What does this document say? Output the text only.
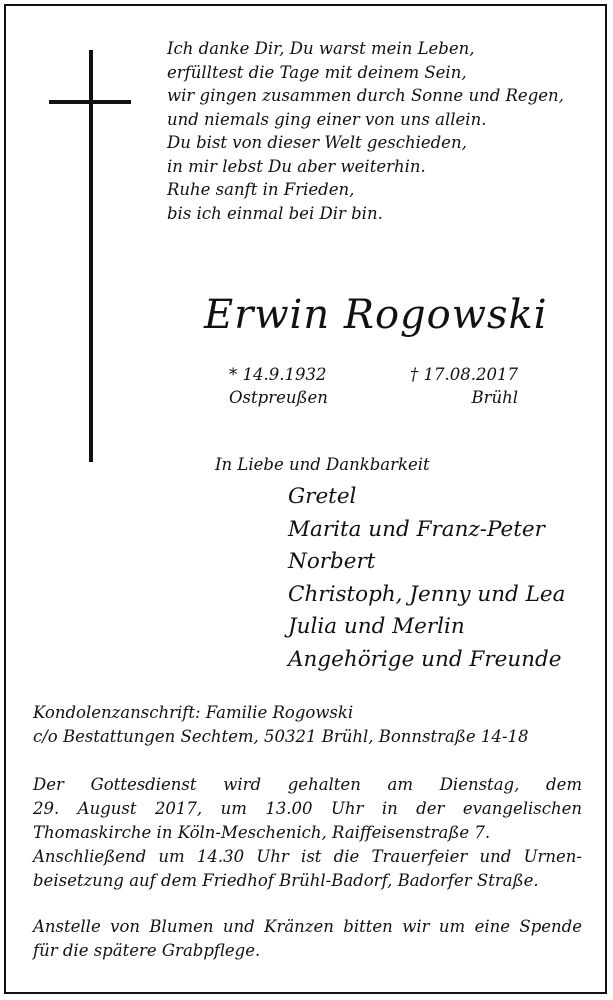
Ich danke Dir, Du warst mein Leben,
erfülltest die Tage mit deinem Sein,
wir gingen zusammen durch Sonne und Regen,
und niemals ging einer von uns allein.
Du bist von dieser Welt geschieden,
in mir lebst Du aber weiterhin.
Ruhe sanft in Frieden,
bis ich einmal bei Dir bin.
Erwin Rogowski
* 14.9.1932
Ostpreußen
† 17.08.2017
Brühl
In Liebe und Dankbarkeit
Gretel
Marita und Franz-Peter
Norbert
Christoph, Jenny und Lea
Julia und Merlin
Angehörige und Freunde
Kondolenzanschrift: Familie Rogowski
c/o Bestattungen Sechtem, 50321 Brühl, Bonnstraße 14-18
Der Gottesdienst wird gehalten am Dienstag, dem
29. August 2017, um 13.00 Uhr in der evangelischen
Thomaskirche in Köln-Meschenich, Raiffeisenstraße 7.
Anschließend um 14.30 Uhr ist die Trauerfeier und Urnen-
beisetzung auf dem Friedhof Brühl-Badorf, Badorfer Straße.
Anstelle von Blumen und Kränzen bitten wir um eine Spende
für die spätere Grabpflege.
